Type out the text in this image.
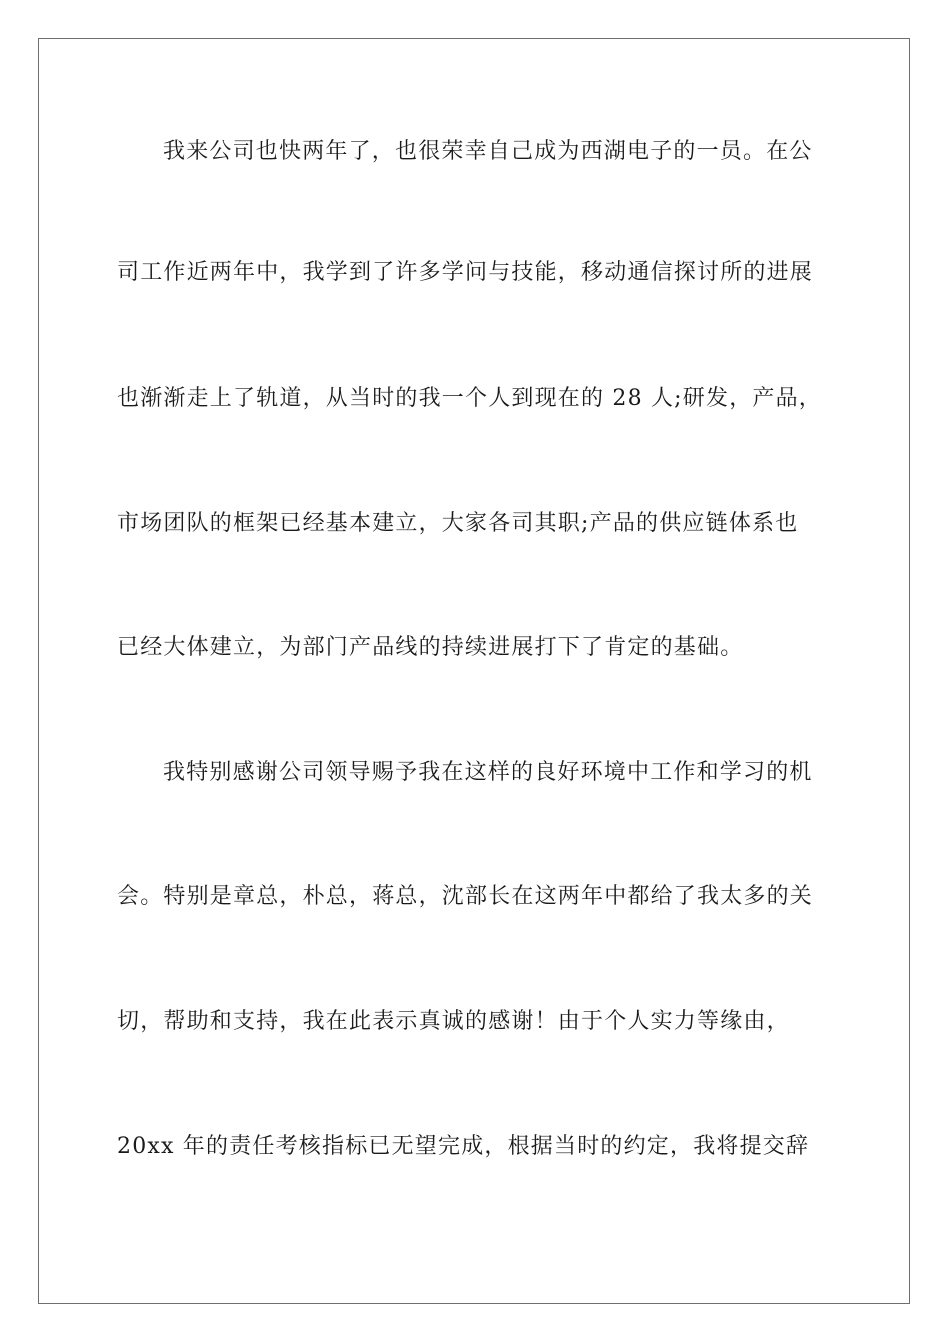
我来公司也快两年了，也很荣幸自己成为西湖电子的一员。在公
司工作近两年中，我学到了许多学问与技能，移动通信探讨所的进展
也渐渐走上了轨道，从当时的我一个人到现在的 28 人;研发，产品，
市场团队的框架已经基本建立，大家各司其职;产品的供应链体系也
已经大体建立，为部门产品线的持续进展打下了肯定的基础。
我特别感谢公司领导赐予我在这样的良好环境中工作和学习的机
会。特别是章总，朴总，蒋总，沈部长在这两年中都给了我太多的关
切，帮助和支持，我在此表示真诚的感谢！由于个人实力等缘由，
20xx 年的责任考核指标已无望完成，根据当时的约定，我将提交辞
